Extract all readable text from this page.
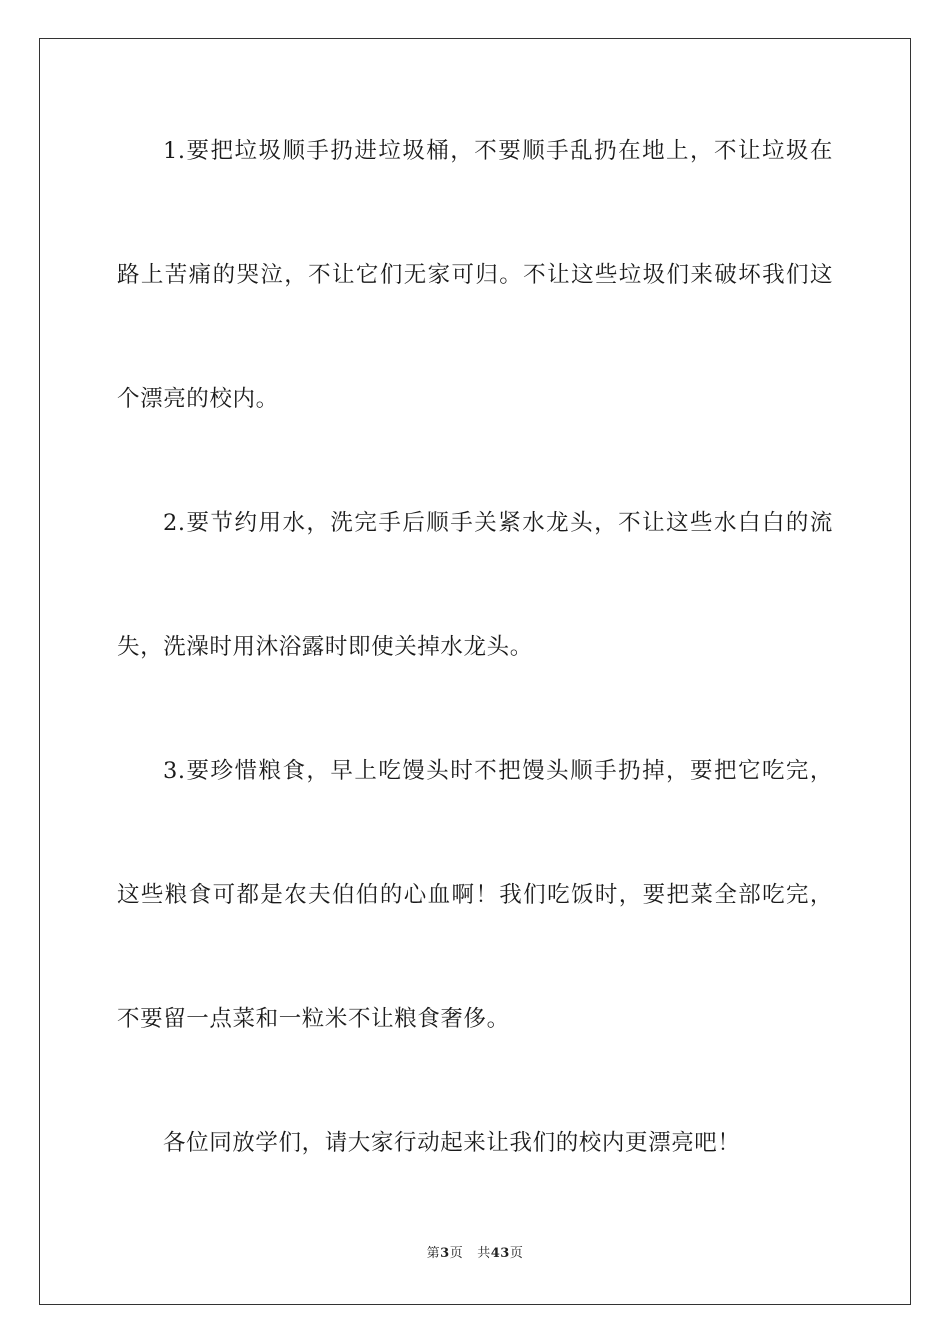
1.要把垃圾顺手扔进垃圾桶，不要顺手乱扔在地上，不让垃圾在
路上苦痛的哭泣，不让它们无家可归。不让这些垃圾们来破坏我们这
个漂亮的校内。
2.要节约用水，洗完手后顺手关紧水龙头，不让这些水白白的流
失，洗澡时用沐浴露时即使关掉水龙头。
3.要珍惜粮食，早上吃馒头时不把馒头顺手扔掉，要把它吃完，
这些粮食可都是农夫伯伯的心血啊！我们吃饭时，要把菜全部吃完，
不要留一点菜和一粒米不让粮食奢侈。
各位同放学们，请大家行动起来让我们的校内更漂亮吧！
第3页 共43页
